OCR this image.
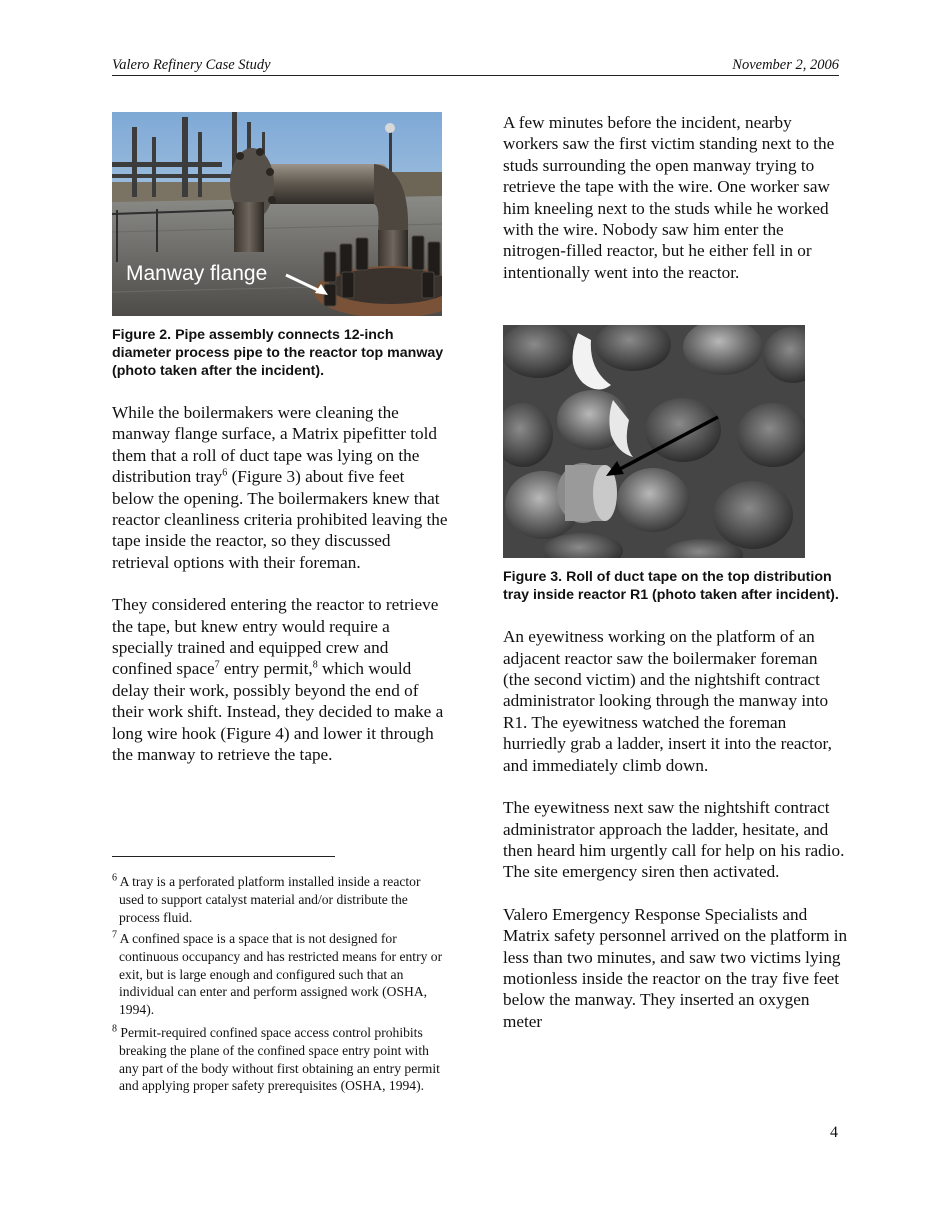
Valero Refinery Case Study	November 2, 2006
Manway flange

Figure 2. Pipe assembly connects 12-inch diameter process pipe to the reactor top manway (photo taken after the incident).

While the boilermakers were cleaning the manway flange surface, a Matrix pipefitter told them that a roll of duct tape was lying on the distribution tray$^6$ (Figure 3) about five feet below the opening. The boilermakers knew that reactor cleanliness criteria prohibited leaving the tape inside the reactor, so they discussed retrieval options with their foreman.

They considered entering the reactor to retrieve the tape, but knew entry would require a specially trained and equipped crew and confined space$^7$ entry permit,$^8$ which would delay their work, possibly beyond the end of their work shift. Instead, they decided to make a long wire hook (Figure 4) and lower it through the manway to retrieve the tape.

$^6$ A tray is a perforated platform installed inside a reactor used to support catalyst material and/or distribute the process fluid.
$^7$ A confined space is a space that is not designed for continuous occupancy and has restricted means for entry or exit, but is large enough and configured such that an individual can enter and perform assigned work (OSHA, 1994).
$^8$ Permit-required confined space access control prohibits breaking the plane of the confined space entry point with any part of the body without first obtaining an entry permit and applying proper safety prerequisites (OSHA, 1994).

A few minutes before the incident, nearby workers saw the first victim standing next to the studs surrounding the open manway trying to retrieve the tape with the wire. One worker saw him kneeling next to the studs while he worked with the wire. Nobody saw him enter the nitrogen-filled reactor, but he either fell in or intentionally went into the reactor.

Figure 3. Roll of duct tape on the top distribution tray inside reactor R1 (photo taken after incident).

An eyewitness working on the platform of an adjacent reactor saw the boilermaker foreman (the second victim) and the nightshift contract administrator looking through the manway into R1. The eyewitness watched the foreman hurriedly grab a ladder, insert it into the reactor, and immediately climb down.

The eyewitness next saw the nightshift contract administrator approach the ladder, hesitate, and then heard him urgently call for help on his radio. The site emergency siren then activated.

Valero Emergency Response Specialists and Matrix safety personnel arrived on the platform in less than two minutes, and saw two victims lying motionless inside the reactor on the tray five feet below the manway. They inserted an oxygen meter

4
